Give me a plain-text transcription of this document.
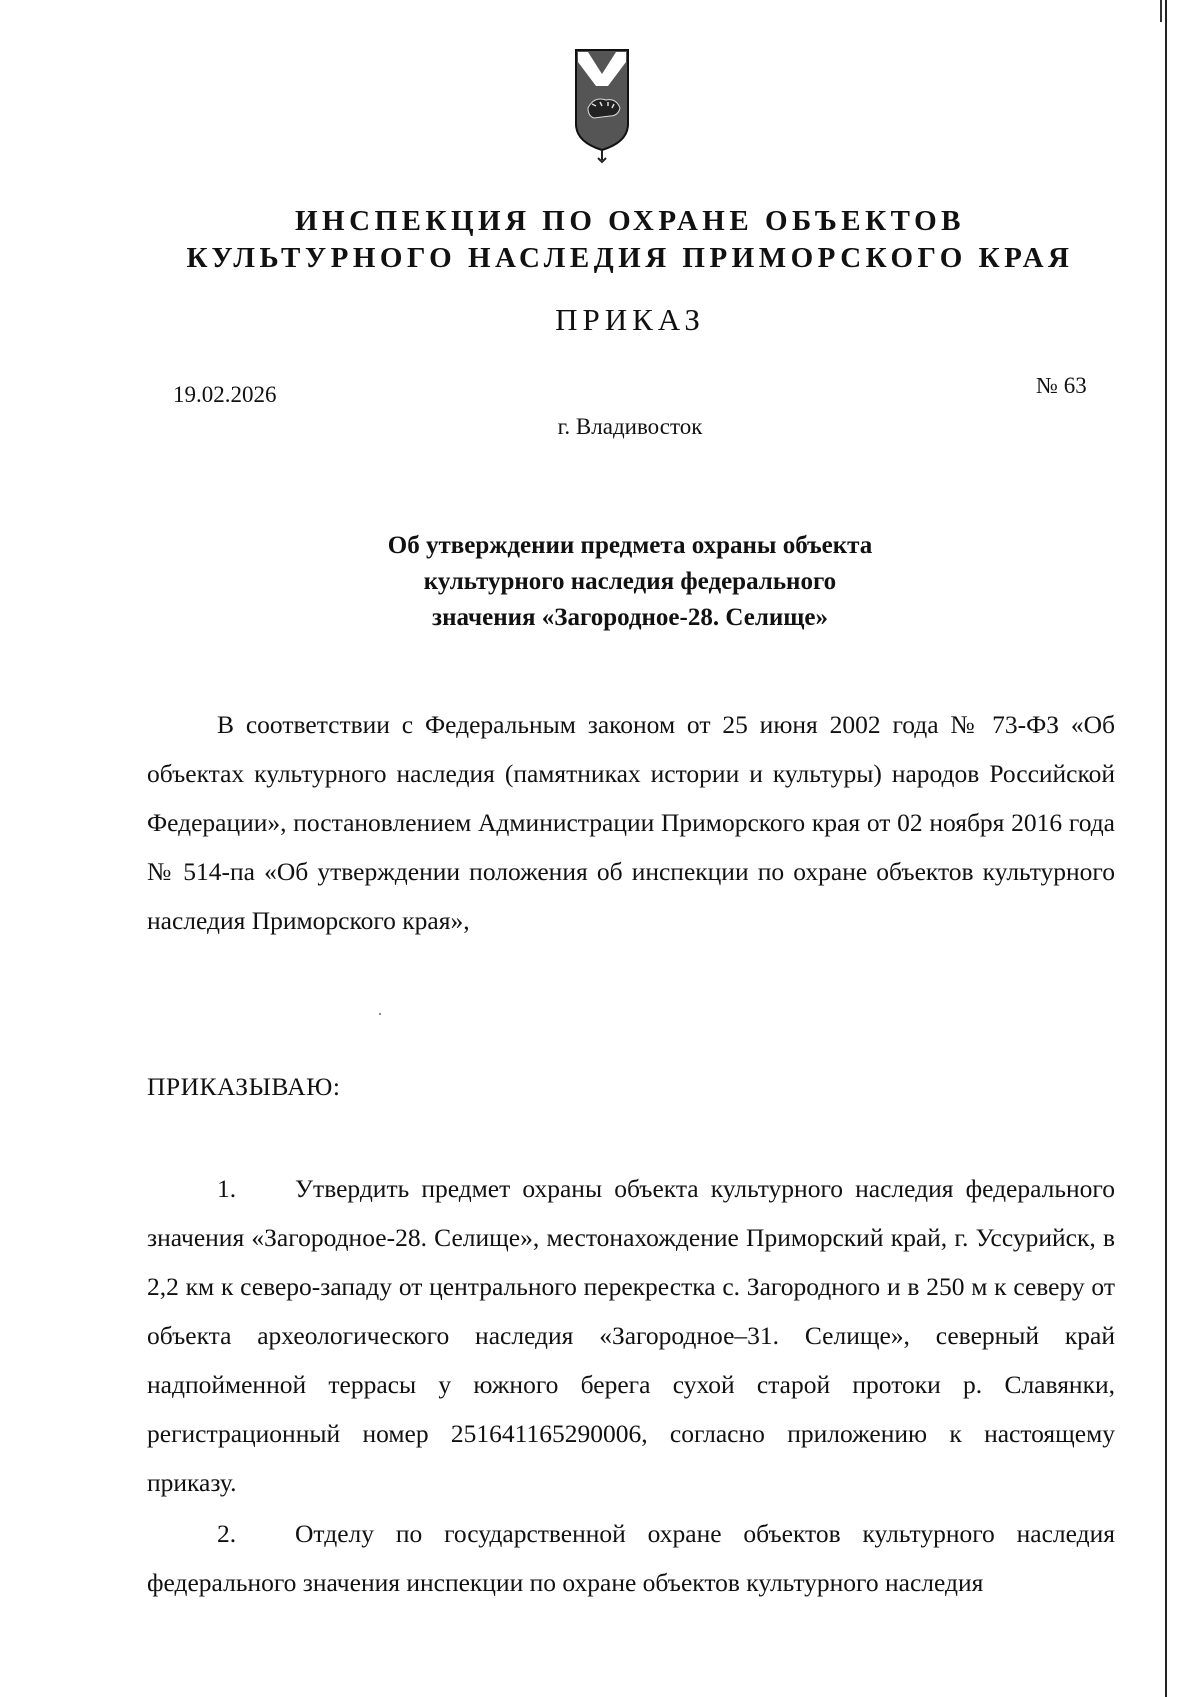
ИНСПЕКЦИЯ ПО ОХРАНЕ ОБЪЕКТОВ
КУЛЬТУРНОГО НАСЛЕДИЯ ПРИМОРСКОГО КРАЯ
ПРИКАЗ
19.02.2026	№ 63
г. Владивосток
Об утверждении предмета охраны объекта
культурного наследия федерального
значения «Загородное-28. Селище»
В соответствии с Федеральным законом от 25 июня 2002 года № 73-ФЗ «Об объектах культурного наследия (памятниках истории и культуры) народов Российской Федерации», постановлением Администрации Приморского края от 02 ноября 2016 года № 514-па «Об утверждении положения об инспекции по охране объектов культурного наследия Приморского края»,
ПРИКАЗЫВАЮ:
1. Утвердить предмет охраны объекта культурного наследия федерального значения «Загородное-28. Селище», местонахождение Приморский край, г. Уссурийск, в 2,2 км к северо-западу от центрального перекрестка с. Загородного и в 250 м к северу от объекта археологического наследия «Загородное–31. Селище», северный край надпойменной террасы у южного берега сухой старой протоки р. Славянки, регистрационный номер 251641165290006, согласно приложению к настоящему приказу.
2. Отделу по государственной охране объектов культурного наследия федерального значения инспекции по охране объектов культурного наследия
